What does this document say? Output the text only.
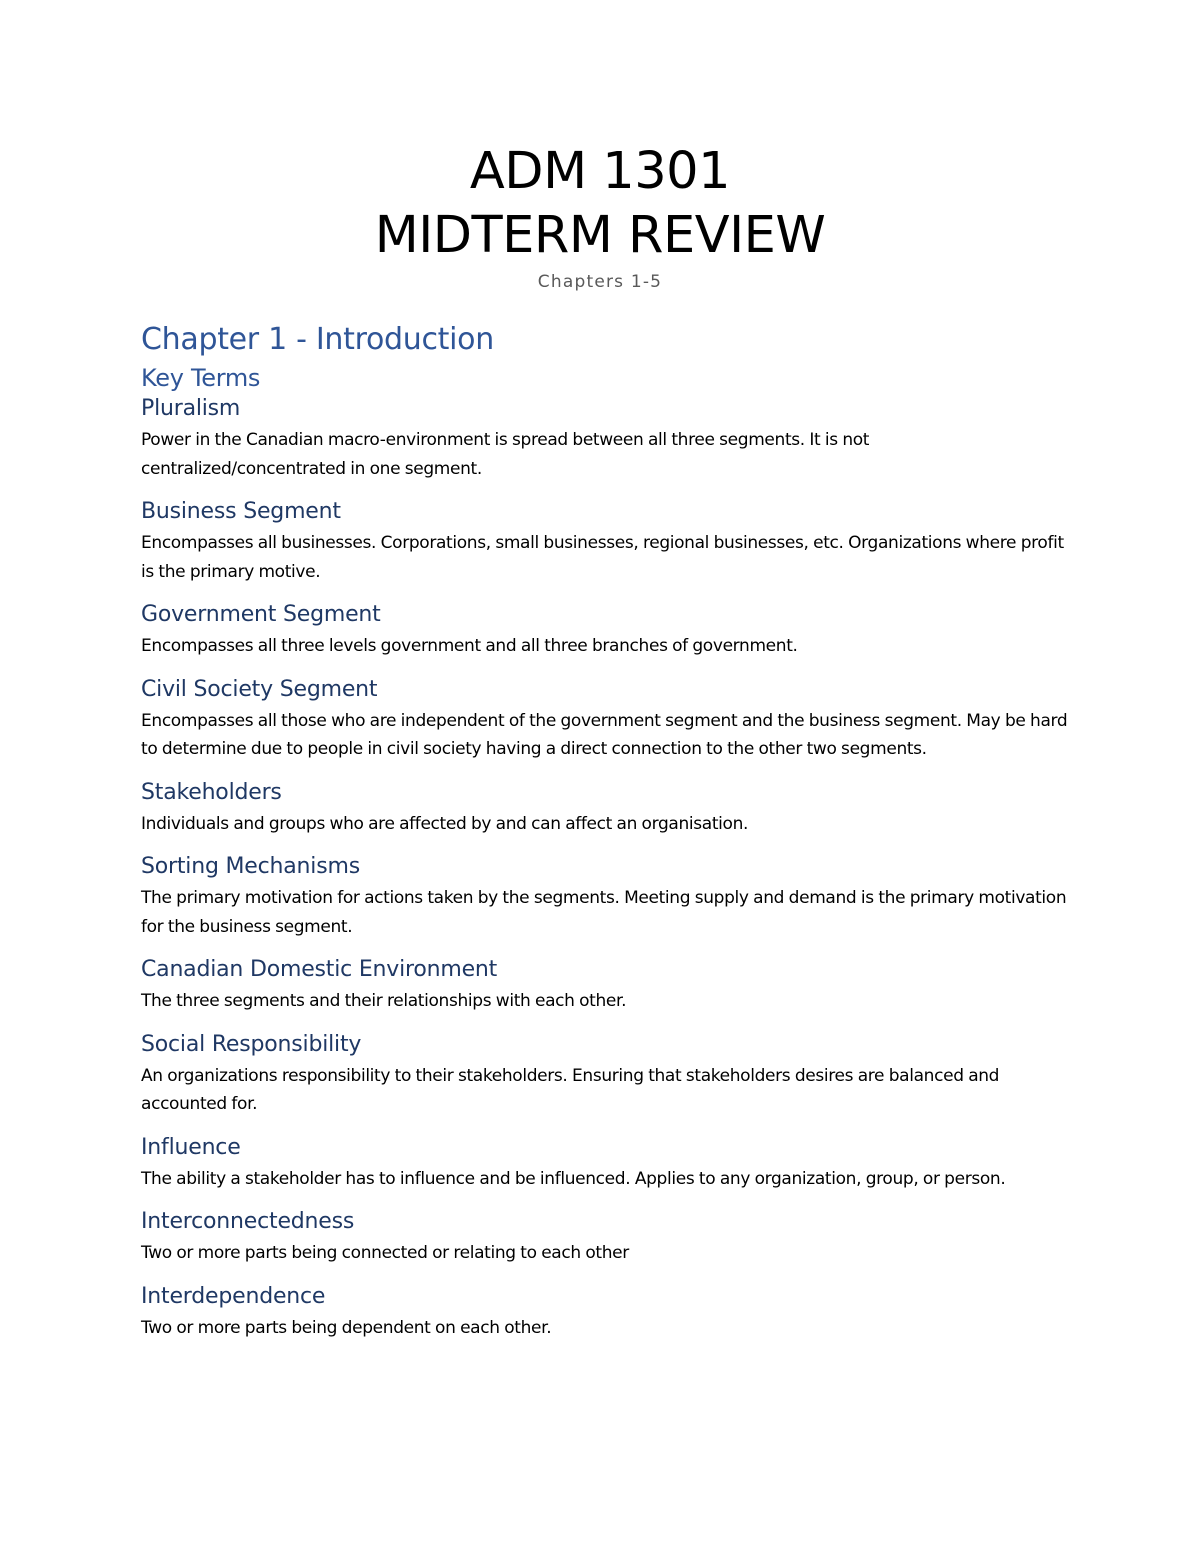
ADM 1301
MIDTERM REVIEW
Chapters 1-5
Chapter 1 - Introduction
Key Terms
Pluralism

Power in the Canadian macro-environment is spread between all three segments. It is not centralized/concentrated in one segment.

Business Segment

Encompasses all businesses. Corporations, small businesses, regional businesses, etc. Organizations where profit is the primary motive.

Government Segment

Encompasses all three levels government and all three branches of government.

Civil Society Segment

Encompasses all those who are independent of the government segment and the business segment. May be hard to determine due to people in civil society having a direct connection to the other two segments.

Stakeholders

Individuals and groups who are affected by and can affect an organisation.

Sorting Mechanisms

The primary motivation for actions taken by the segments. Meeting supply and demand is the primary motivation for the business segment.

Canadian Domestic Environment

The three segments and their relationships with each other.

Social Responsibility

An organizations responsibility to their stakeholders. Ensuring that stakeholders desires are balanced and accounted for.

Influence

The ability a stakeholder has to influence and be influenced. Applies to any organization, group, or person.

Interconnectedness

Two or more parts being connected or relating to each other

Interdependence

Two or more parts being dependent on each other.
